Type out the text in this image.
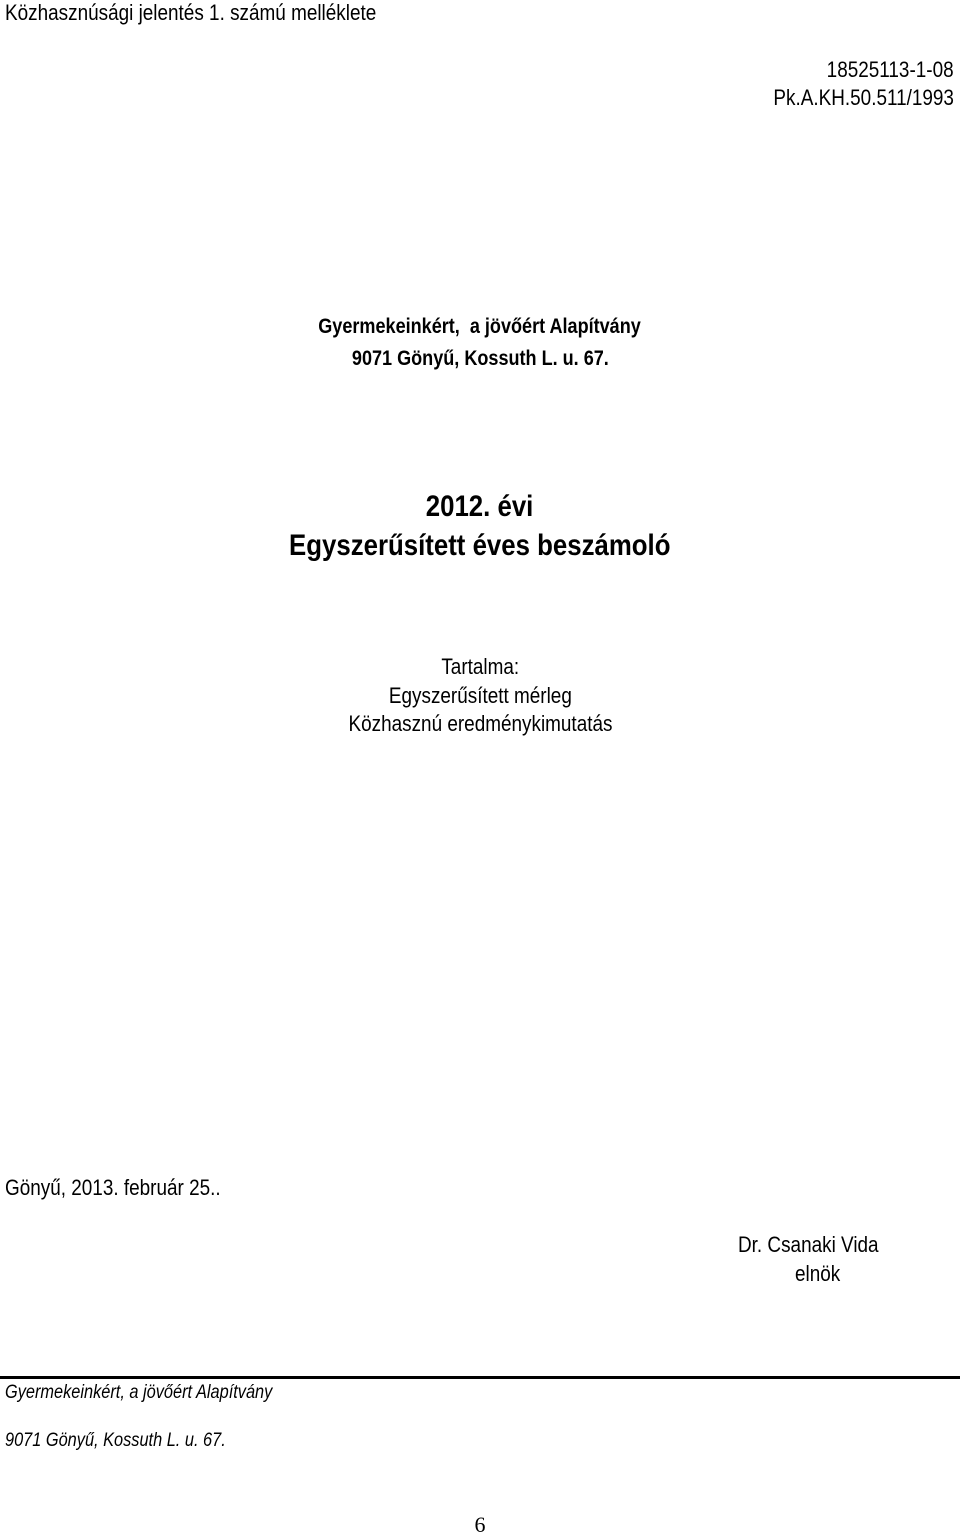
Közhasznúsági jelentés 1. számú melléklete
18525113-1-08
Pk.A.KH.50.511/1993
Gyermekeinkért,  a jövőért Alapítvány
9071 Gönyű, Kossuth L. u. 67.
2012. évi
Egyszerűsített éves beszámoló
Tartalma:
Egyszerűsített mérleg
Közhasznú eredménykimutatás
Gönyű, 2013. február 25..
Dr. Csanaki Vida
elnök
Gyermekeinkért, a jövőért Alapítvány
9071 Gönyű, Kossuth L. u. 67.
6
